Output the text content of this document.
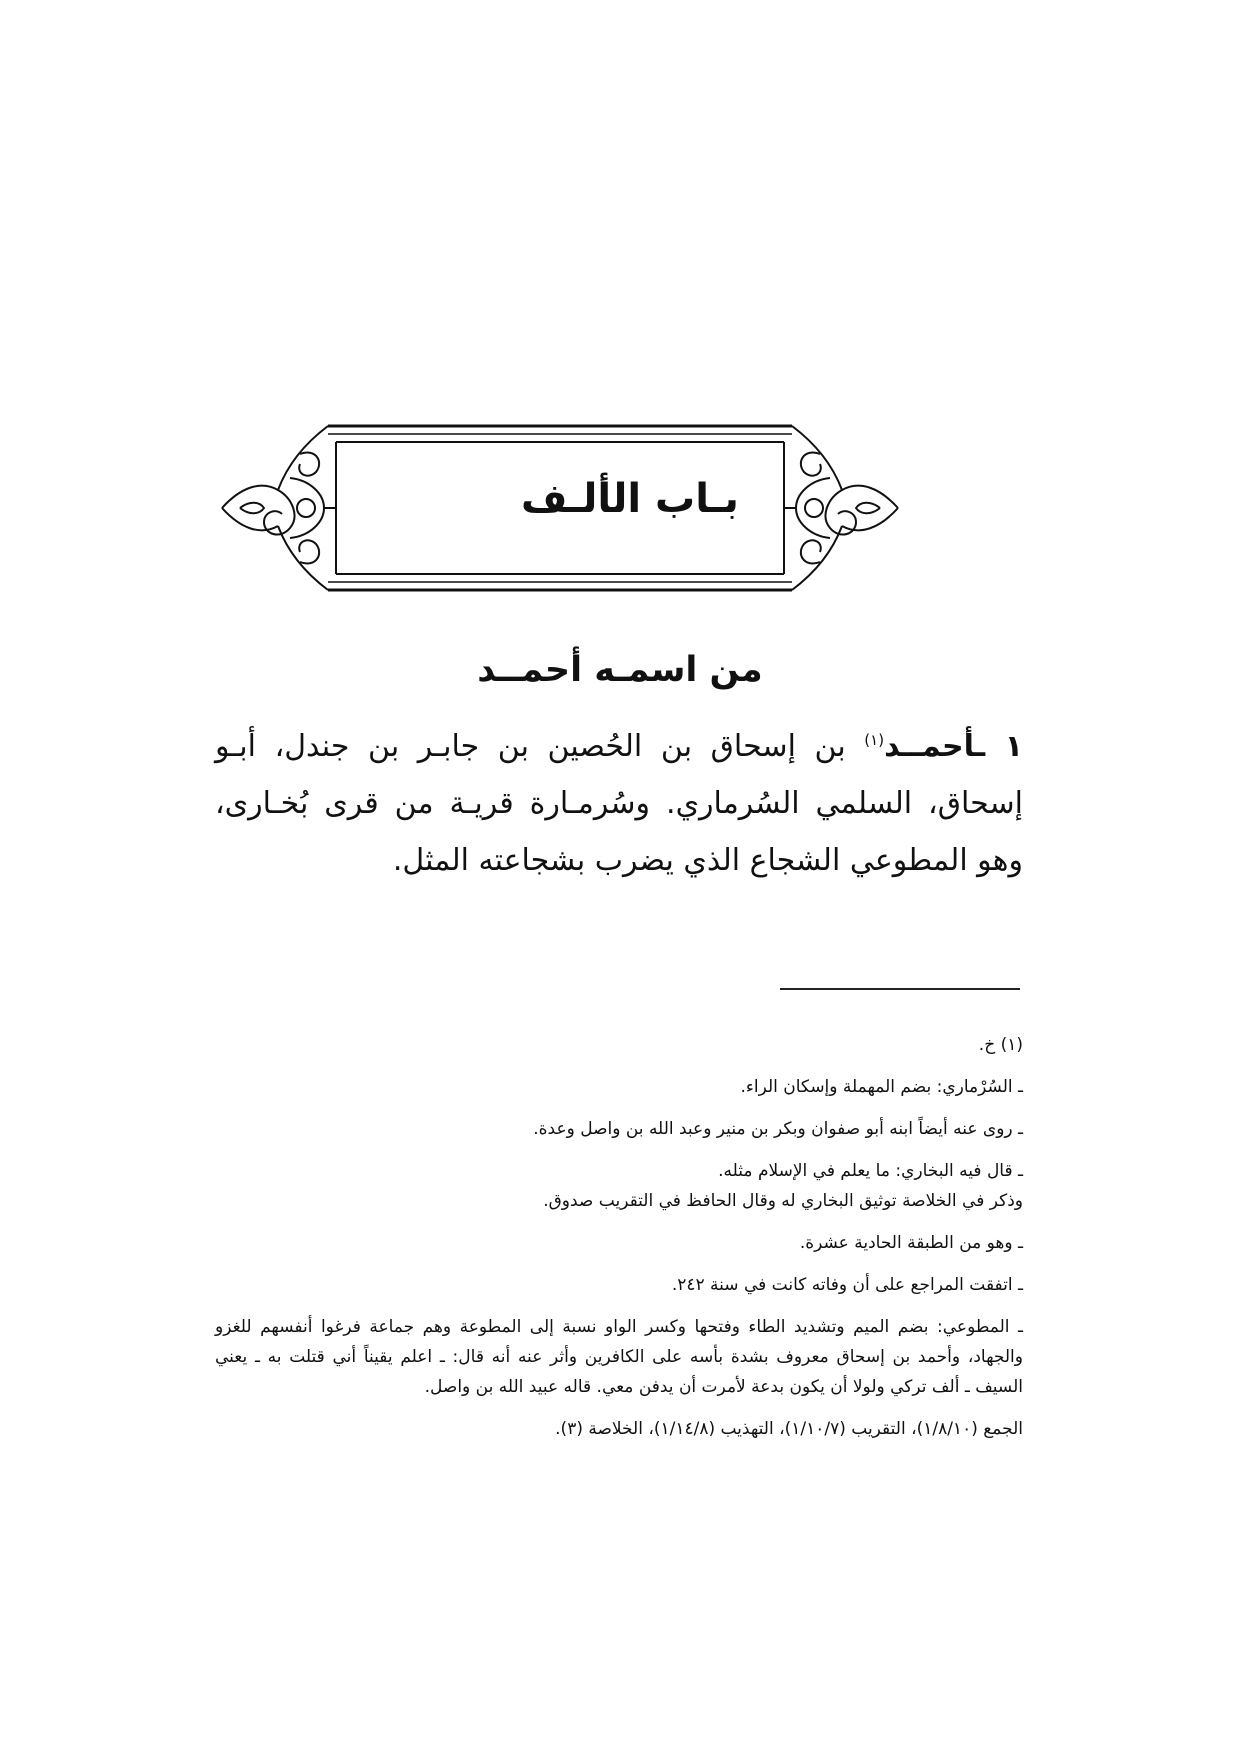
بـاب الألـف
من اسمـه أحمــد
١ ـأحمــد$^{(١)}$ بن إسحاق بن الحُصين بن جابـر بن جندل، أبـو إسحاق، السلمي السُرماري. وسُرمـارة قريـة من قرى بُخـارى، وهو المطوعي الشجاع الذي يضرب بشجاعته المثل.

(١) خ.

ـ السُرْماري: بضم المهملة وإسكان الراء.

ـ روى عنه أيضاً ابنه أبو صفوان وبكر بن منير وعبد الله بن واصل وعدة.

ـ قال فيه البخاري: ما يعلم في الإسلام مثله.

وذكر في الخلاصة توثيق البخاري له وقال الحافظ في التقريب صدوق.

ـ وهو من الطبقة الحادية عشرة.

ـ اتفقت المراجع على أن وفاته كانت في سنة ٢٤٢.

ـ المطوعي: بضم الميم وتشديد الطاء وفتحها وكسر الواو نسبة إلى المطوعة وهم جماعة فرغوا أنفسهم للغزو والجهاد، وأحمد بن إسحاق معروف بشدة بأسه على الكافرين وأثر عنه أنه قال: ـ اعلم يقيناً أني قتلت به ـ يعني السيف ـ ألف تركي ولولا أن يكون بدعة لأمرت أن يدفن معي. قاله عبيد الله بن واصل.

الجمع (١/٨/١٠)، التقريب (١/١٠/٧)، التهذيب (١/١٤/٨)، الخلاصة (٣).
